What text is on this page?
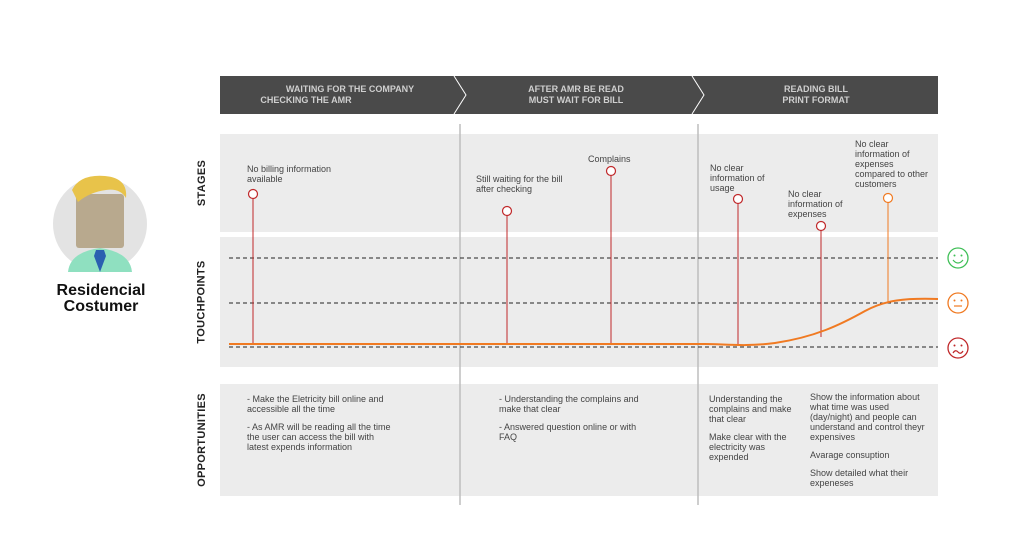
Residencial Costumer
WAITING FOR THE COMPANY
CHECKING THE AMR
AFTER AMR BE READ
MUST WAIT FOR BILL
READING BILL
PRINT FORMAT
STAGES
TOUCHPOINTS
OPPORTUNITIES
No billing information available	Still waiting for the bill after checking
Complains
No clear information of usage
No clear information of expenses
No clear information of expenses compared to other customers

- Make the Eletricity bill online and accessible all the time

- As AMR will be reading all the time the user can access the bill with latest expends information

- Understanding the complains and make that clear

- Answered question online or with FAQ

Understanding the complains and make that clear

Make clear with the electricity was expended

Show the information about what time was used (day/night) and people can understand and control theyr expensives

Avarage consuption

Show detailed what their expeneses
